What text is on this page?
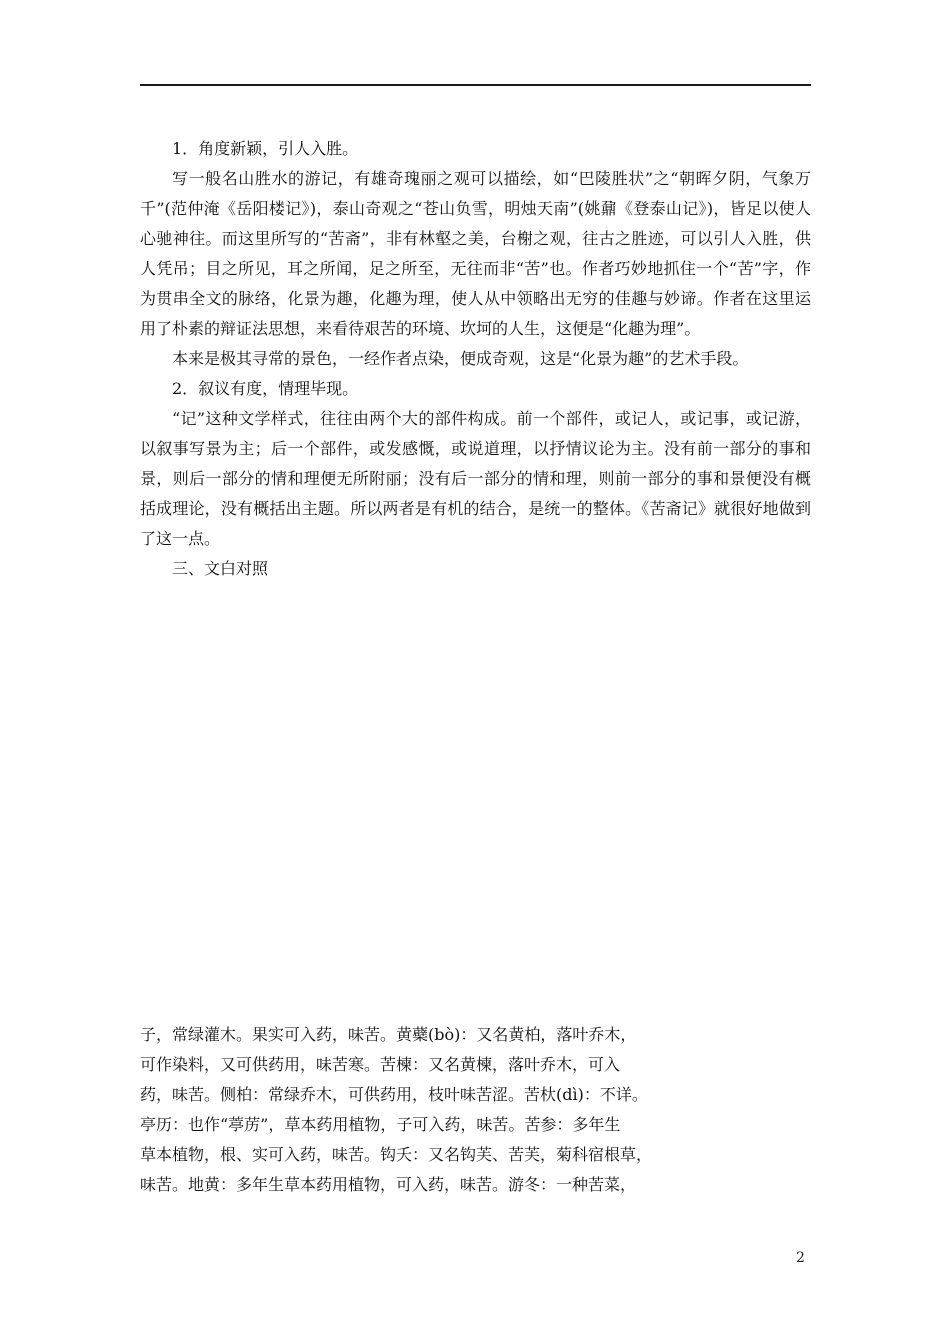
1．角度新颖，引人入胜。

写一般名山胜水的游记，有雄奇瑰丽之观可以描绘，如“巴陵胜状”之“朝晖夕阴，气象万千”(范仲淹《岳阳楼记》)，泰山奇观之“苍山负雪，明烛天南”(姚鼐《登泰山记》)，皆足以使人心驰神往。而这里所写的“苦斋”，非有林壑之美，台榭之观，往古之胜迹，可以引人入胜，供人凭吊；目之所见，耳之所闻，足之所至，无往而非“苦”也。作者巧妙地抓住一个“苦”字，作为贯串全文的脉络，化景为趣，化趣为理，使人从中领略出无穷的佳趣与妙谛。作者在这里运用了朴素的辩证法思想，来看待艰苦的环境、坎坷的人生，这便是“化趣为理”。

本来是极其寻常的景色，一经作者点染，便成奇观，这是“化景为趣”的艺术手段。

2．叙议有度，情理毕现。

“记”这种文学样式，往往由两个大的部件构成。前一个部件，或记人，或记事，或记游，以叙事写景为主；后一个部件，或发感慨，或说道理，以抒情议论为主。没有前一部分的事和景，则后一部分的情和理便无所附丽；没有后一部分的情和理，则前一部分的事和景便没有概括成理论，没有概括出主题。所以两者是有机的结合，是统一的整体。《苦斋记》就很好地做到了这一点。

三、文白对照

子，常绿灌木。果实可入药，味苦。黄蘗(bò)：又名黄柏，落叶乔木，

可作染料，又可供药用，味苦寒。苦楝：又名黄楝，落叶乔木，可入

药，味苦。侧柏：常绿乔木，可供药用，枝叶味苦涩。苦杕(dì)：不详。

亭历：也作“葶苈”，草本药用植物，子可入药，味苦。苦参：多年生

草本植物，根、实可入药，味苦。钩夭：又名钩芙、苦芙，菊科宿根草，

味苦。地黄：多年生草本药用植物，可入药，味苦。游冬：一种苦菜，

2
